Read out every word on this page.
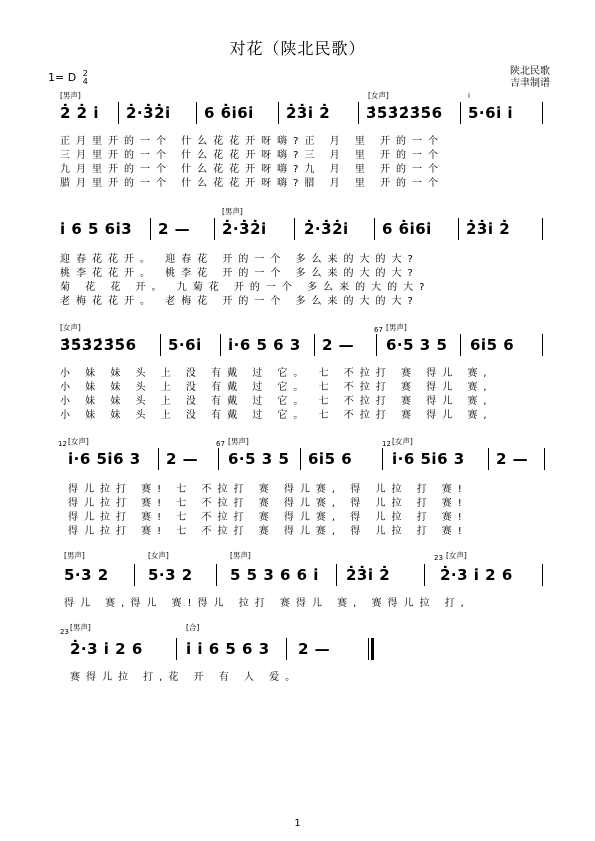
对花（陕北民歌）
1= D 2
4
陕北民歌
吉聿制谱
[男声]	[女声]	i
2̇ 2̇ i̇ 2̇·3̇2̇i̇ 6 6̇i̇6i̇ 2̇3̇i̇ 2̇ 3̇5̇3̇2̇3̇5̇6 5·6i̇ i̇
正月里开的一个 什么花花开呀嗨?正 月 里 开的一个
三月里开的一个 什么花花开呀嗨?三 月 里 开的一个
九月里开的一个 什么花花开呀嗨?九 月 里 开的一个
腊月里开的一个 什么花花开呀嗨?腊 月 里 开的一个
[男声]
i̇ 6 5 6i̇3 2 — 2̇·3̇2̇i̇ 2̇·3̇2̇i̇ 6 6̇i̇6i̇ 2̇3̇i̇ 2̇
迎春花花开。 迎春花 开的一个 多么来的大的大?
桃李花花开。 桃李花 开的一个 多么来的大的大?
菊 花 花 开。 九菊花 开的一个 多么来的大的大?
老梅花花开。 老梅花 开的一个 多么来的大的大?
[女声]	[男声]
67
3̇5̇3̇2̇3̇5̇6 5·6i̇ i̇·6 5 6 3 2 — 6·5 3 5 6i̇5 6
小 妹 妹 头 上 没 有戴 过 它。 七 不拉打 赛 得儿 赛,
小 妹 妹 头 上 没 有戴 过 它。 七 不拉打 赛 得儿 赛,
小 妹 妹 头 上 没 有戴 过 它。 七 不拉打 赛 得儿 赛,
小 妹 妹 头 上 没 有戴 过 它。 七 不拉打 赛 得儿 赛,
[女声]	[男声]	[女声]
12	67	12
i̇·6 5i̇6 3 2 — 6·5 3 5 6i̇5 6	i̇·6 5i̇6 3 2 —
得儿拉打 赛! 七 不拉打 赛 得儿赛, 得 儿拉 打 赛!
得儿拉打 赛! 七 不拉打 赛 得儿赛, 得 儿拉 打 赛!
得儿拉打 赛! 七 不拉打 赛 得儿赛, 得 儿拉 打 赛!
得儿拉打 赛! 七 不拉打 赛 得儿赛, 得 儿拉 打 赛!
[男声]	[女声]	[男声]	[女声]
23
5·3 2	5·3 2 5 5 3 6 6 i̇ 2̇3̇i̇ 2̇	2̇·3 i̇ 2 6
得儿 赛,得儿 赛!得儿 拉打 赛得儿 赛, 赛得儿拉 打,
[男声]	[合]
23
2̇·3 i̇ 2 6	i̇ i̇ 6 5 6 3 2 —
赛得儿拉 打,花 开 有 人 爱。
1
